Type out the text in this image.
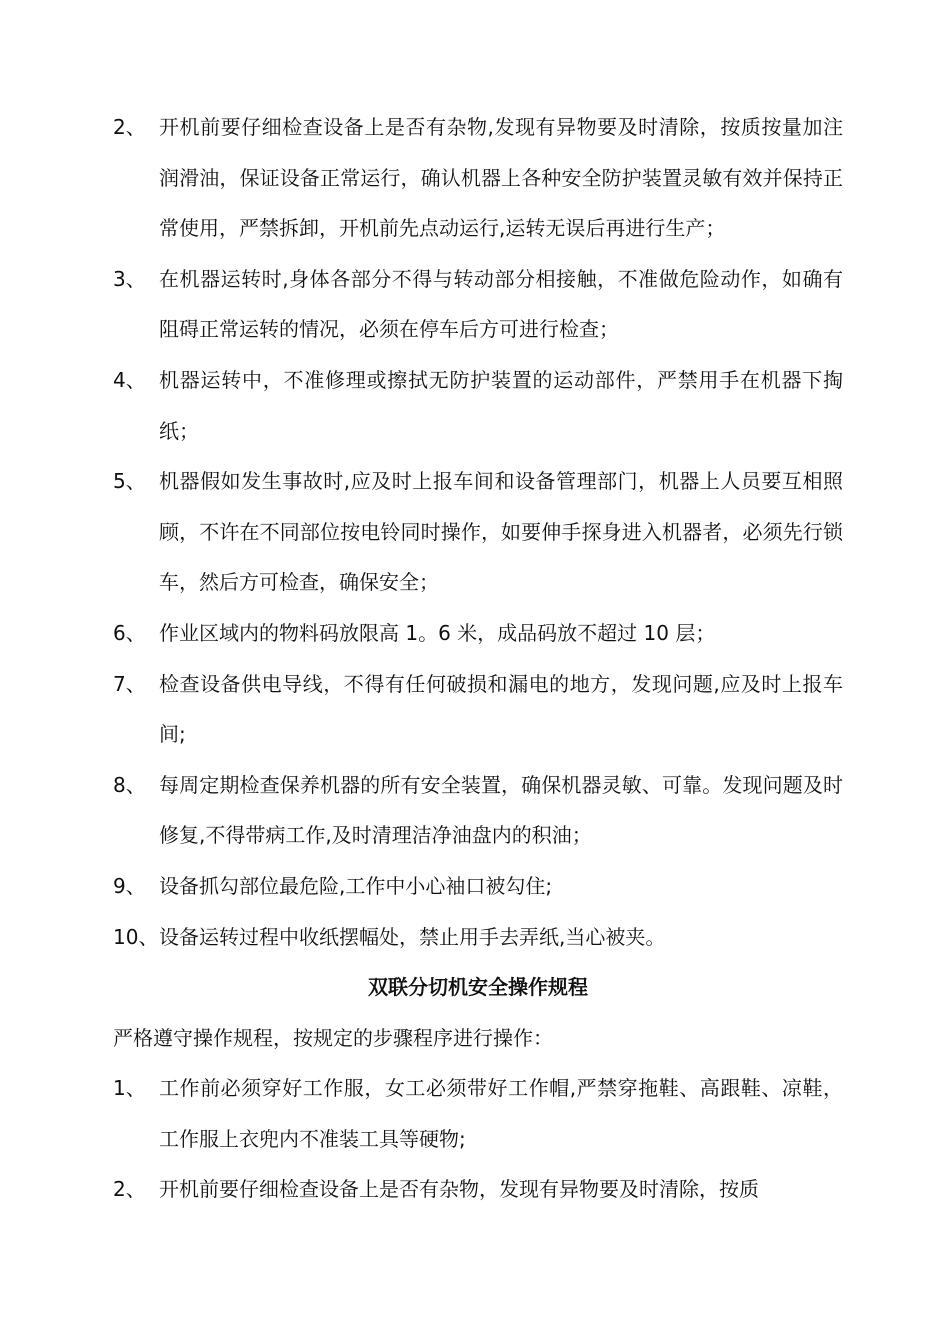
2、 开机前要仔细检查设备上是否有杂物,发现有异物要及时清除，按质按量加注润滑油，保证设备正常运行，确认机器上各种安全防护装置灵敏有效并保持正常使用，严禁拆卸，开机前先点动运行,运转无误后再进行生产；
3、 在机器运转时,身体各部分不得与转动部分相接触，不准做危险动作，如确有阻碍正常运转的情况，必须在停车后方可进行检查；
4、 机器运转中，不准修理或擦拭无防护装置的运动部件，严禁用手在机器下掏纸；
5、 机器假如发生事故时,应及时上报车间和设备管理部门，机器上人员要互相照顾，不许在不同部位按电铃同时操作，如要伸手探身进入机器者，必须先行锁车，然后方可检查，确保安全；
6、 作业区域内的物料码放限高 1。6 米，成品码放不超过 10 层；
7、 检查设备供电导线，不得有任何破损和漏电的地方，发现问题,应及时上报车间;
8、 每周定期检查保养机器的所有安全装置，确保机器灵敏、可靠。发现问题及时修复,不得带病工作,及时清理洁净油盘内的积油；
9、 设备抓勾部位最危险,工作中小心袖口被勾住;
10、 设备运转过程中收纸摆幅处，禁止用手去弄纸,当心被夹。
双联分切机安全操作规程
严格遵守操作规程，按规定的步骤程序进行操作：
1、 工作前必须穿好工作服，女工必须带好工作帽,严禁穿拖鞋、高跟鞋、凉鞋，工作服上衣兜内不准装工具等硬物;
2、 开机前要仔细检查设备上是否有杂物，发现有异物要及时清除，按质
